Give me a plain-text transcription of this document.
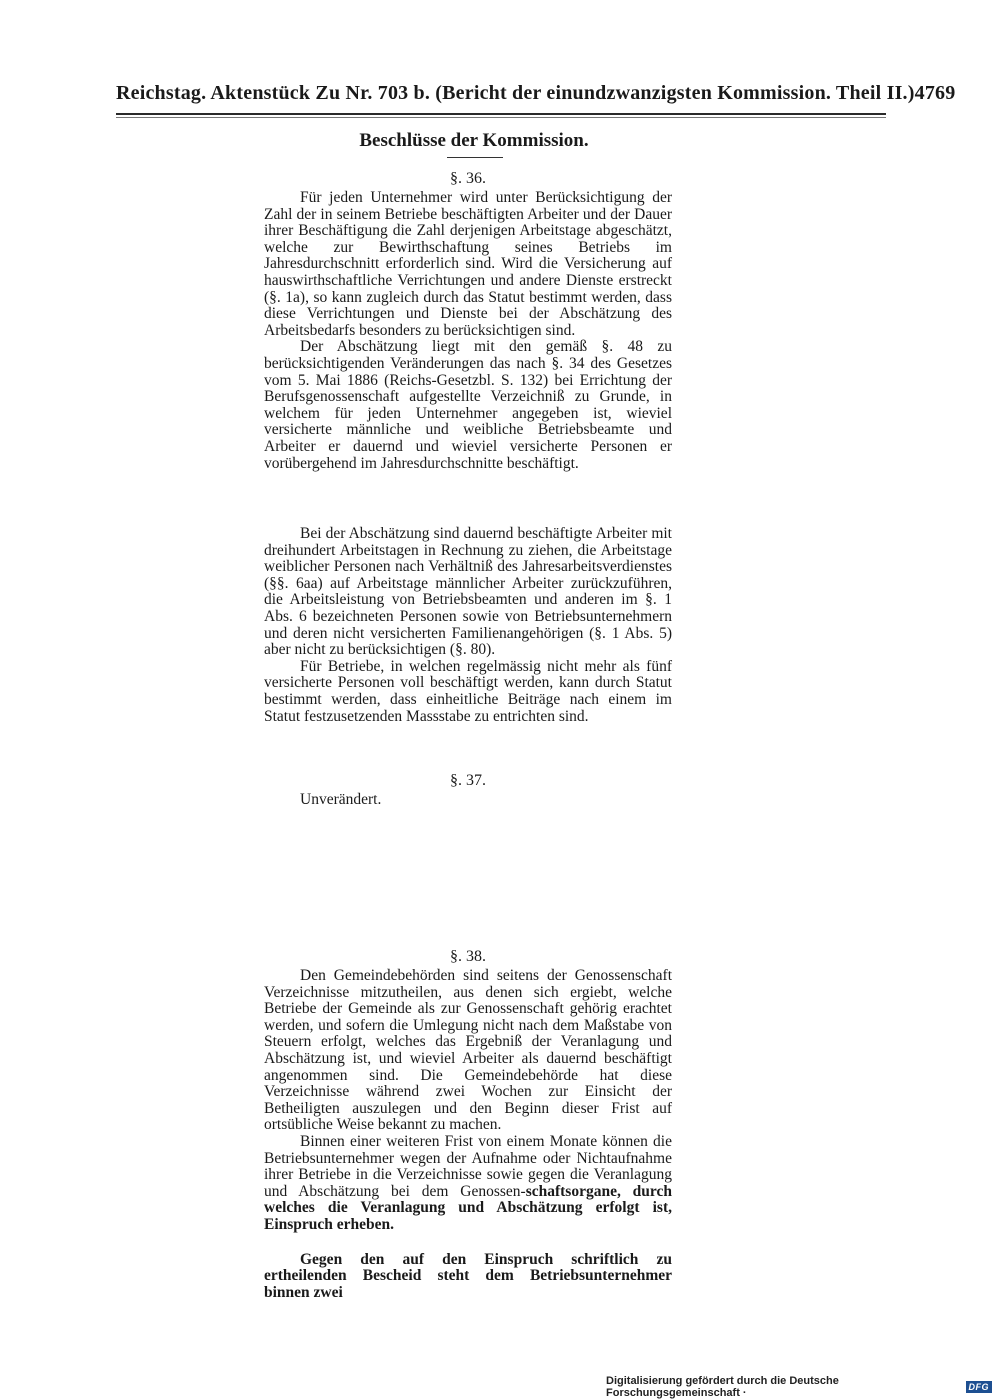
Reichstag. Aktenstück Zu Nr. 703 b. (Bericht der einundzwanzigsten Kommission. Theil II.) 4769
Beschlüsse der Kommission.
§. 36.

Für jeden Unternehmer wird unter Berücksichtigung der Zahl der in seinem Betriebe beschäftigten Arbeiter und der Dauer ihrer Beschäftigung die Zahl derjenigen Arbeitstage abgeschätzt, welche zur Bewirthschaftung seines Betriebs im Jahresdurchschnitt erforderlich sind. Wird die Versicherung auf hauswirthschaftliche Verrichtungen und andere Dienste erstreckt (§. 1a), so kann zugleich durch das Statut bestimmt werden, dass diese Verrichtungen und Dienste bei der Abschätzung des Arbeitsbedarfs besonders zu berücksichtigen sind.

Der Abschätzung liegt mit den gemäß §. 48 zu berücksichtigenden Veränderungen das nach §. 34 des Gesetzes vom 5. Mai 1886 (Reichs-Gesetzbl. S. 132) bei Errichtung der Berufsgenossenschaft aufgestellte Verzeichniß zu Grunde, in welchem für jeden Unternehmer angegeben ist, wieviel versicherte männliche und weibliche Betriebsbeamte und Arbeiter er dauernd und wieviel versicherte Personen er vorübergehend im Jahresdurchschnitte beschäftigt.

Bei der Abschätzung sind dauernd beschäftigte Arbeiter mit dreihundert Arbeitstagen in Rechnung zu ziehen, die Arbeitstage weiblicher Personen nach Verhältniß des Jahresarbeitsverdienstes (§§. 6aa) auf Arbeitstage männlicher Arbeiter zurückzuführen, die Arbeitsleistung von Betriebsbeamten und anderen im §. 1 Abs. 6 bezeichneten Personen sowie von Betriebsunternehmern und deren nicht versicherten Familienangehörigen (§. 1 Abs. 5) aber nicht zu berücksichtigen (§. 80).

Für Betriebe, in welchen regelmässig nicht mehr als fünf versicherte Personen voll beschäftigt werden, kann durch Statut bestimmt werden, dass einheitliche Beiträge nach einem im Statut festzusetzenden Massstabe zu entrichten sind.

§. 37.

Unverändert.

§. 38.

Den Gemeindebehörden sind seitens der Genossenschaft Verzeichnisse mitzutheilen, aus denen sich ergiebt, welche Betriebe der Gemeinde als zur Genossenschaft gehörig erachtet werden, und sofern die Umlegung nicht nach dem Maßstabe von Steuern erfolgt, welches das Ergebniß der Veranlagung und Abschätzung ist, und wieviel Arbeiter als dauernd beschäftigt angenommen sind. Die Gemeindebehörde hat diese Verzeichnisse während zwei Wochen zur Einsicht der Betheiligten auszulegen und den Beginn dieser Frist auf ortsübliche Weise bekannt zu machen.

Binnen einer weiteren Frist von einem Monate können die Betriebsunternehmer wegen der Aufnahme oder Nichtaufnahme ihrer Betriebe in die Verzeichnisse sowie gegen die Veranlagung und Abschätzung bei dem Genossen-schaftsorgane, durch welches die Veranlagung und Abschätzung erfolgt ist, Einspruch erheben.

Gegen den auf den Einspruch schriftlich zu ertheilenden Bescheid steht dem Betriebsunternehmer binnen zwei

Digitalisierung gefördert durch die Deutsche Forschungsgemeinschaft ·	DFG
